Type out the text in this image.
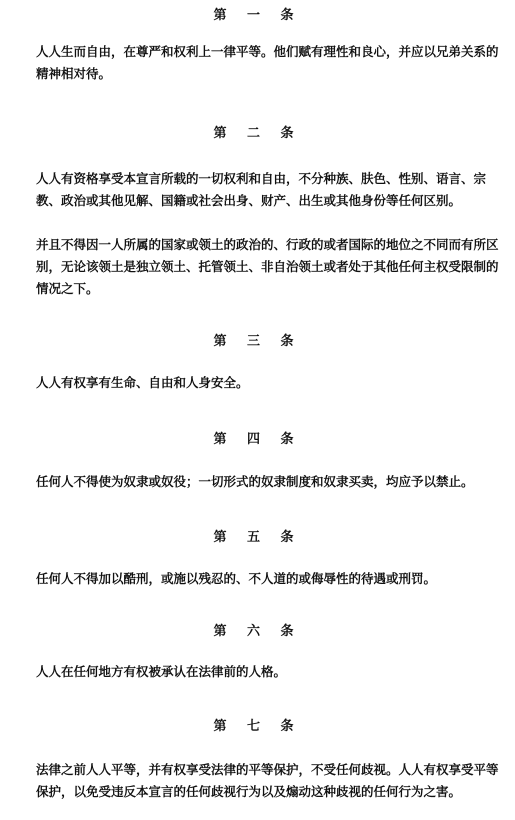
第 一 条
人人生而自由，在尊严和权利上一律平等。他们赋有理性和良心，并应以兄弟关系的精神相对待。
第 二 条
人人有资格享受本宣言所载的一切权利和自由，不分种族、肤色、性别、语言、宗教、政治或其他见解、国籍或社会出身、财产、出生或其他身份等任何区别。
并且不得因一人所属的国家或领土的政治的、行政的或者国际的地位之不同而有所区别，无论该领土是独立领土、托管领土、非自治领土或者处于其他任何主权受限制的情况之下。
第 三 条
人人有权享有生命、自由和人身安全。
第 四 条
任何人不得使为奴隶或奴役；一切形式的奴隶制度和奴隶买卖，均应予以禁止。
第 五 条
任何人不得加以酷刑，或施以残忍的、不人道的或侮辱性的待遇或刑罚。
第 六 条
人人在任何地方有权被承认在法律前的人格。
第 七 条
法律之前人人平等，并有权享受法律的平等保护，不受任何歧视。人人有权享受平等保护，以免受违反本宣言的任何歧视行为以及煽动这种歧视的任何行为之害。
